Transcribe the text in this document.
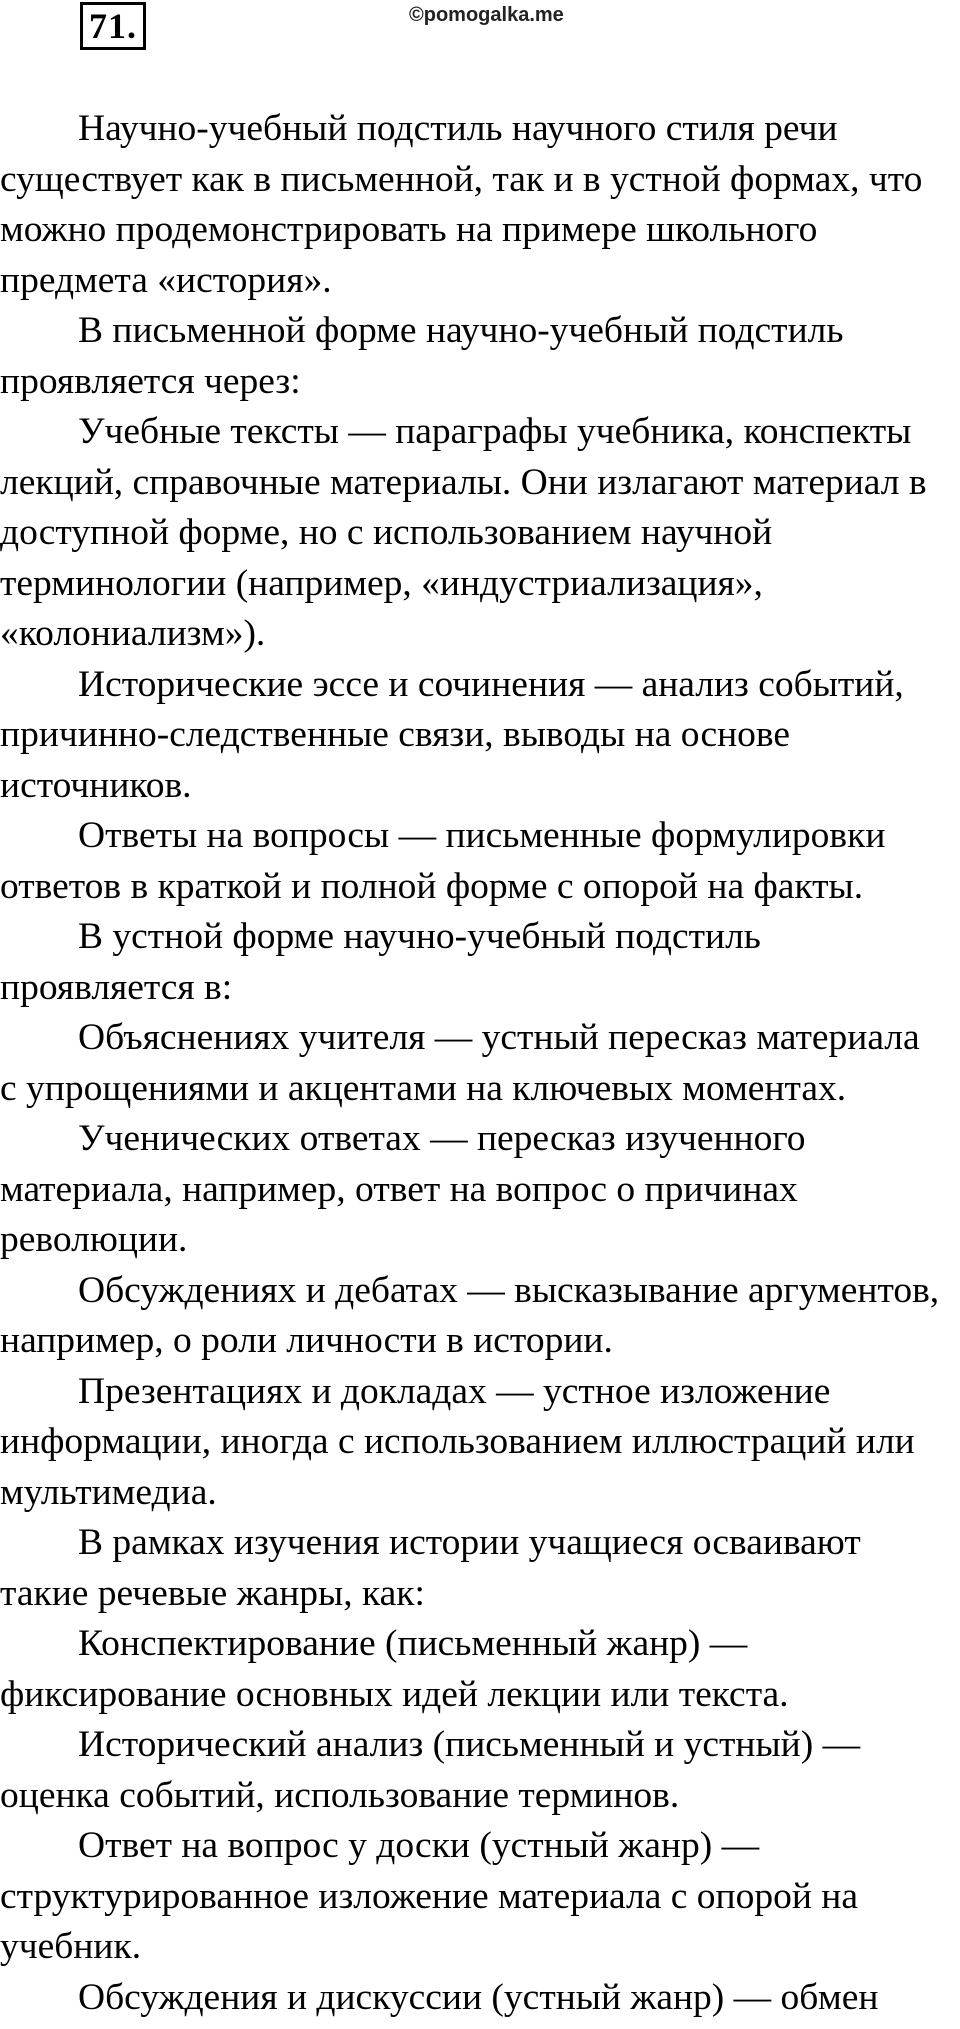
71.	©pomogalka.me
Научно-учебный подстиль научного стиля речи
существует как в письменной, так и в устной формах, что
можно продемонстрировать на примере школьного
предмета «история».
В письменной форме научно-учебный подстиль
проявляется через:
Учебные тексты — параграфы учебника, конспекты
лекций, справочные материалы. Они излагают материал в
доступной форме, но с использованием научной
терминологии (например, «индустриализация»,
«колониализм»).
Исторические эссе и сочинения — анализ событий,
причинно-следственные связи, выводы на основе
источников.
Ответы на вопросы — письменные формулировки
ответов в краткой и полной форме с опорой на факты.
В устной форме научно-учебный подстиль
проявляется в:
Объяснениях учителя — устный пересказ материала
с упрощениями и акцентами на ключевых моментах.
Ученических ответах — пересказ изученного
материала, например, ответ на вопрос о причинах
революции.
Обсуждениях и дебатах — высказывание аргументов,
например, о роли личности в истории.
Презентациях и докладах — устное изложение
информации, иногда с использованием иллюстраций или
мультимедиа.
В рамках изучения истории учащиеся осваивают
такие речевые жанры, как:
Конспектирование (письменный жанр) —
фиксирование основных идей лекции или текста.
Исторический анализ (письменный и устный) —
оценка событий, использование терминов.
Ответ на вопрос у доски (устный жанр) —
структурированное изложение материала с опорой на
учебник.
Обсуждения и дискуссии (устный жанр) — обмен
